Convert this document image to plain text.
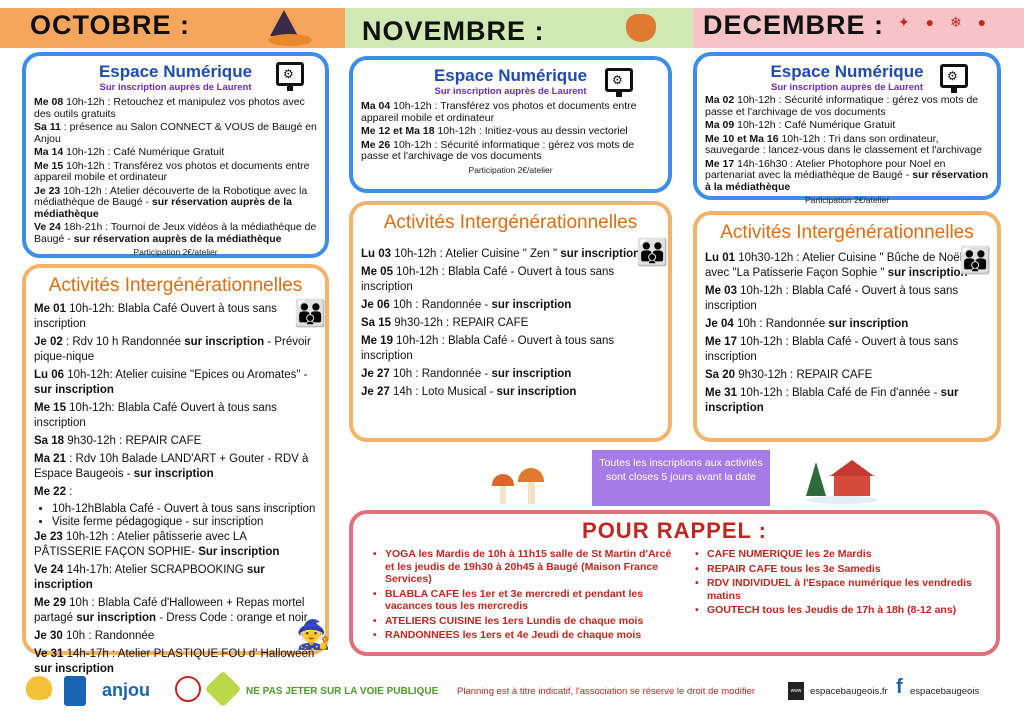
OCTOBRE :	NOVEMBRE :	DECEMBRE : ✦ ● ❄ ●
⚙
Espace Numérique
Sur inscription auprès de Laurent
Me 08 10h-12h : Retouchez et manipulez vos photos avec des outils gratuits
Sa 11 : présence au Salon CONNECT & VOUS de Baugé en Anjou
Ma 14 10h-12h : Café Numérique Gratuit
Me 15 10h-12h : Transférez vos photos et documents entre appareil mobile et ordinateur
Je 23 10h-12h : Atelier découverte de la Robotique avec la médiathèque de Baugé - sur réservation auprès de la médiathèque
Ve 24 18h-21h : Tournoi de Jeux vidéos à la médiathèque de Baugé - sur réservation auprès de la médiathèque
Participation 2€/atelier
⚙
Espace Numérique
Sur inscription auprès de Laurent
Ma 04 10h-12h : Transférez vos photos et documents entre appareil mobile et ordinateur
Me 12 et Ma 18 10h-12h : Initiez-vous au dessin vectoriel
Me 26 10h-12h : Sécurité informatique : gérez vos mots de passe et l'archivage de vos documents
Participation 2€/atelier
⚙
Espace Numérique
Sur inscription auprès de Laurent
Ma 02 10h-12h : Sécurité informatique : gérez vos mots de passe et l'archivage de vos documents
Ma 09 10h-12h : Café Numérique Gratuit
Me 10 et Ma 16 10h-12h : Tri dans son ordinateur, sauvegarde : lancez-vous dans le classement et l'archivage
Me 17 14h-16h30 : Atelier Photophore pour Noel en partenariat avec la médiathèque de Baugé - sur réservation à la médiathèque
Participation 2€/atelier
Activités Intergénérationnelles
👪
Me 01 10h-12h: Blabla Café Ouvert à tous sans inscription
Je 02 : Rdv 10 h Randonnée sur inscription - Prévoir pique-nique
Lu 06 10h-12h: Atelier cuisine "Epices ou Aromates" - sur inscription
Me 15 10h-12h: Blabla Café Ouvert à tous sans inscription
Sa 18 9h30-12h : REPAIR CAFE
Ma 21 : Rdv 10h Balade LAND'ART + Gouter - RDV à Espace Baugeois - sur inscription
Me 22 :
• 10h-12hBlabla Café - Ouvert à tous sans inscription
• Visite ferme pédagogique - sur inscription
Je 23 10h-12h : Atelier pâtisserie avec LA PÂTISSERIE FAÇON SOPHIE- Sur inscription
Ve 24 14h-17h: Atelier SCRAPBOOKING sur inscription
Me 29 10h : Blabla Café d'Halloween + Repas mortel partagé sur inscription - Dress Code : orange et noir
Je 30 10h : Randonnée
Ve 31 14h-17h : Atelier PLASTIQUE FOU d' Halloween sur inscription
🧙
Activités Intergénérationnelles
👪
Lu 03 10h-12h : Atelier Cuisine " Zen " sur inscription
Me 05 10h-12h : Blabla Café - Ouvert à tous sans inscription
Je 06 10h : Randonnée - sur inscription
Sa 15 9h30-12h : REPAIR CAFE
Me 19 10h-12h : Blabla Café - Ouvert à tous sans inscription
Je 27 10h : Randonnée - sur inscription
Je 27 14h : Loto Musical - sur inscription
Activités Intergénérationnelles
👪
Lu 01 10h30-12h : Atelier Cuisine " Bûche de Noël " avec "La Patisserie Façon Sophie " sur inscription
Me 03 10h-12h : Blabla Café - Ouvert à tous sans inscription
Je 04 10h : Randonnée sur inscription
Me 17 10h-12h : Blabla Café - Ouvert à tous sans inscription
Sa 20 9h30-12h : REPAIR CAFE
Me 31 10h-12h : Blabla Café de Fin d'année - sur inscription
Toutes les inscriptions aux activités sont closes 5 jours avant la date
POUR RAPPEL :
• YOGA les Mardis de 10h à 11h15 salle de St Martin d'Arcé et les jeudis de 19h30 à 20h45 à Baugé (Maison France Services)
• BLABLA CAFE les 1er et 3e mercredi et pendant les vacances tous les mercredis
• ATELIERS CUISINE les 1ers Lundis de chaque mois
• RANDONNEES les 1ers et 4e Jeudi de chaque mois
• CAFE NUMERIQUE les 2e Mardis
• REPAIR CAFE tous les 3e Samedis
• RDV INDIVIDUEL à l'Espace numérique les vendredis matins
• GOUTECH tous les Jeudis de 17h à 18h (8-12 ans)
anjou	NE PAS JETER SUR LA VOIE PUBLIQUE Planning est à titre indicatif, l'association se réserve le droit de modifier	www espacebaugeois.fr f espacebaugeois
